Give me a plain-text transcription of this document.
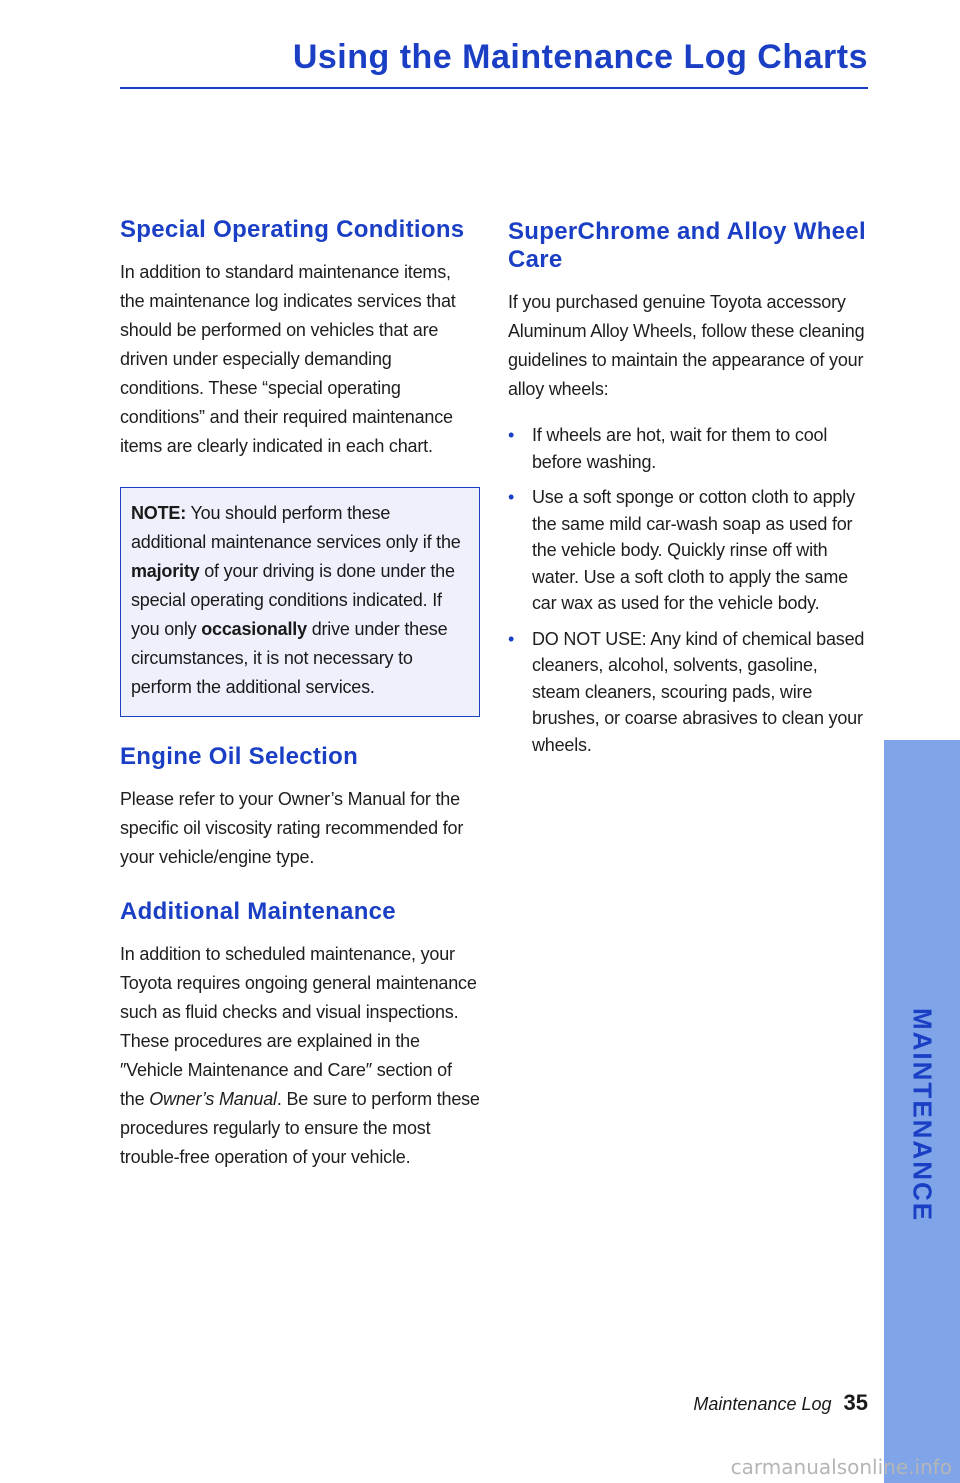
Using the Maintenance Log Charts
Special Operating Conditions

In addition to standard maintenance items, the maintenance log indicates services that should be performed on vehicles that are driven under especially demanding conditions. These “special operating conditions” and their required maintenance items are clearly indicated in each chart.

NOTE: You should perform these additional maintenance services only if the majority of your driving is done under the special operating conditions indicated. If you only occasionally drive under these circumstances, it is not necessary to perform the additional services.

Engine Oil Selection

Please refer to your Owner’s Manual for the specific oil viscosity rating recommended for your vehicle/engine type.

Additional Maintenance

In addition to scheduled maintenance, your Toyota requires ongoing general maintenance such as fluid checks and visual inspections. These procedures are explained in the ″Vehicle Maintenance and Care″ section of the Owner’s Manual. Be sure to perform these procedures regularly to ensure the most trouble-free operation of your vehicle.

SuperChrome and Alloy Wheel Care

If you purchased genuine Toyota accessory Aluminum Alloy Wheels, follow these cleaning guidelines to maintain the appearance of your alloy wheels:

• If wheels are hot, wait for them to cool before washing.
• Use a soft sponge or cotton cloth to apply the same mild car-wash soap as used for the vehicle body. Quickly rinse off with water. Use a soft cloth to apply the same car wax as used for the vehicle body.
• DO NOT USE: Any kind of chemical based cleaners, alcohol, solvents, gasoline, steam cleaners, scouring pads, wire brushes, or coarse abrasives to clean your wheels.
MAINTENANCE
Maintenance Log 35
carmanualsonline.info
